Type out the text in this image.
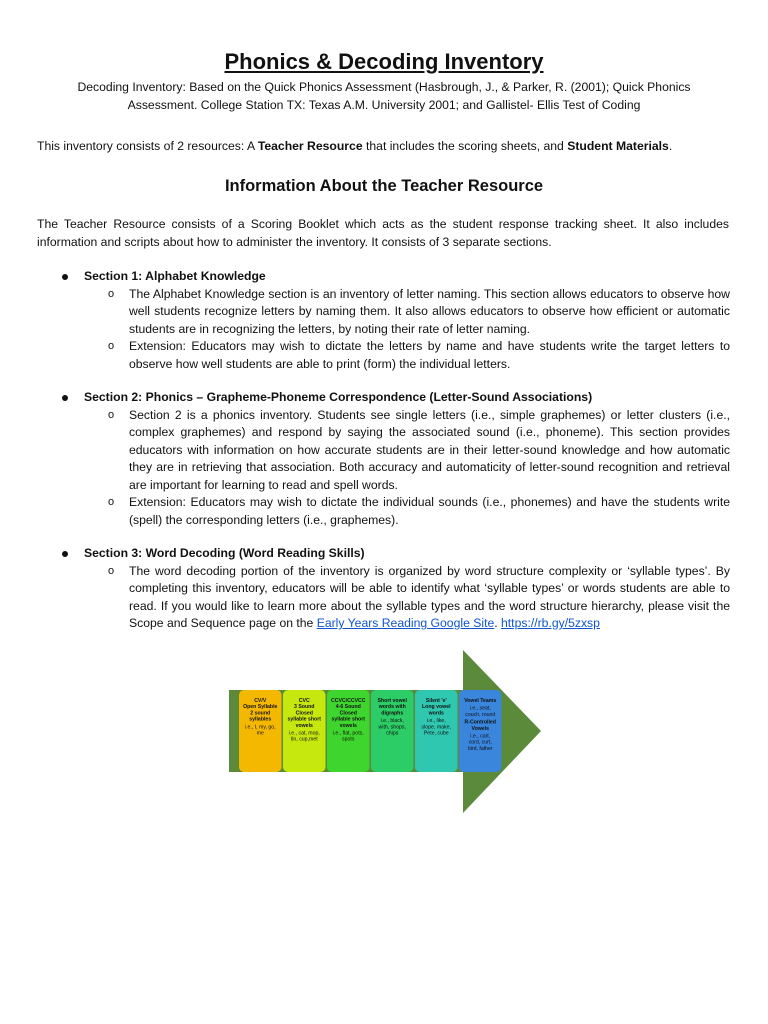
Phonics & Decoding Inventory
Decoding Inventory: Based on the Quick Phonics Assessment (Hasbrough, J., & Parker, R. (2001); Quick Phonics
Assessment. College Station TX: Texas A.M. University 2001; and Gallistel- Ellis Test of Coding
This inventory consists of 2 resources: A Teacher Resource that includes the scoring sheets, and Student Materials.
Information About the Teacher Resource
The Teacher Resource consists of a Scoring Booklet which acts as the student response tracking sheet. It also includes information and scripts about how to administer the inventory. It consists of 3 separate sections.
Section 1: Alphabet Knowledge
o The Alphabet Knowledge section is an inventory of letter naming. This section allows educators to observe how well students recognize letters by naming them. It also allows educators to observe how efficient or automatic students are in recognizing the letters, by noting their rate of letter naming.
o Extension: Educators may wish to dictate the letters by name and have students write the target letters to observe how well students are able to print (form) the individual letters.
Section 2: Phonics – Grapheme-Phoneme Correspondence (Letter-Sound Associations)
o Section 2 is a phonics inventory. Students see single letters (i.e., simple graphemes) or letter clusters (i.e., complex graphemes) and respond by saying the associated sound (i.e., phoneme). This section provides educators with information on how accurate students are in their letter-sound knowledge and how automatic they are in retrieving that association. Both accuracy and automaticity of letter-sound recognition and retrieval are important for learning to read and spell words.
o Extension: Educators may wish to dictate the individual sounds (i.e., phonemes) and have the students write (spell) the corresponding letters (i.e., graphemes).
Section 3: Word Decoding (Word Reading Skills)
o The word decoding portion of the inventory is organized by word structure complexity or ‘syllable types’. By completing this inventory, educators will be able to identify what ‘syllable types’ or words students are able to read. If you would like to learn more about the syllable types and the word structure hierarchy, please visit the Scope and Sequence page on the Early Years Reading Google Site. https://rb.gy/5zxsp
CV/V
Open Syllable
2 sound
syllables
i.e., I, my, go,
me
CVC
3 Sound
Closed
syllable short
vowels
i.e., cat, mop,
tin, cup,met
CCVC/CCVCC
4-6 Sound
Closed
syllable short
vowels
i.e., flat, pots,
spots
Short vowel
words with
digraphs
i.e., black,
with, shops,
chips
Silent 'e'
Long vowel
words
i.e., like,
slope, make,
Pete, cube
Vowel Teams
i.e., seat,
couch, round
R-Controlled
Vowels
i.e., cart,
cord, curt,
bird, father
